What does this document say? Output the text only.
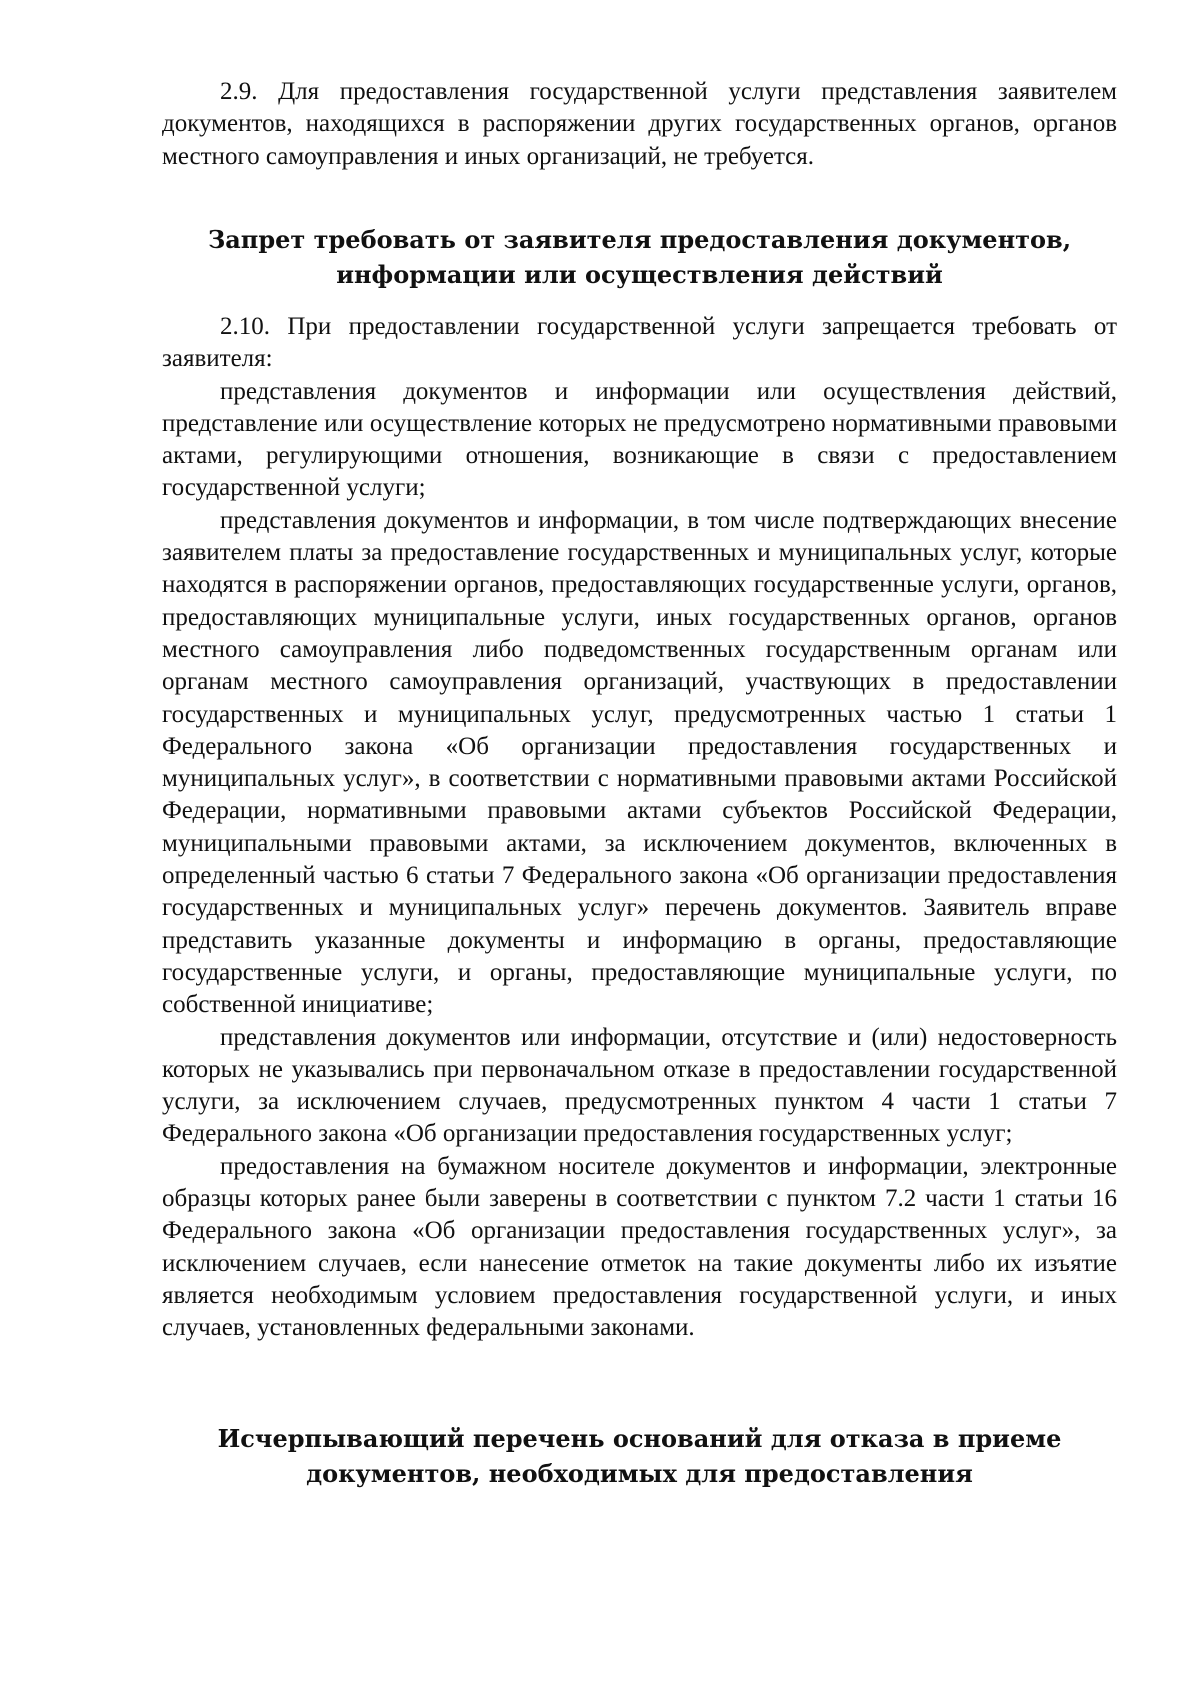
2.9. Для предоставления государственной услуги представления заявителем документов, находящихся в распоряжении других государственных органов, органов местного самоуправления и иных организаций, не требуется.

Запрет требовать от заявителя предоставления документов,
информации или осуществления действий

2.10. При предоставлении государственной услуги запрещается требовать от заявителя:

представления документов и информации или осуществления действий, представление или осуществление которых не предусмотрено нормативными правовыми актами, регулирующими отношения, возникающие в связи с предоставлением государственной услуги;

представления документов и информации, в том числе подтверждающих внесение заявителем платы за предоставление государственных и муниципальных услуг, которые находятся в распоряжении органов, предоставляющих государственные услуги, органов, предоставляющих муниципальные услуги, иных государственных органов, органов местного самоуправления либо подведомственных государственным органам или органам местного самоуправления организаций, участвующих в предоставлении государственных и муниципальных услуг, предусмотренных частью 1 статьи 1 Федерального закона «Об организации предоставления государственных и муниципальных услуг», в соответствии с нормативными правовыми актами Российской Федерации, нормативными правовыми актами субъектов Российской Федерации, муниципальными правовыми актами, за исключением документов, включенных в определенный частью 6 статьи 7 Федерального закона «Об организации предоставления государственных и муниципальных услуг» перечень документов. Заявитель вправе представить указанные документы и информацию в органы, предоставляющие государственные услуги, и органы, предоставляющие муниципальные услуги, по собственной инициативе;

представления документов или информации, отсутствие и (или) недостоверность которых не указывались при первоначальном отказе в предоставлении государственной услуги, за исключением случаев, предусмотренных пунктом 4 части 1 статьи 7 Федерального закона «Об организации предоставления государственных услуг;

предоставления на бумажном носителе документов и информации, электронные образцы которых ранее были заверены в соответствии с пунктом 7.2 части 1 статьи 16 Федерального закона «Об организации предоставления государственных услуг», за исключением случаев, если нанесение отметок на такие документы либо их изъятие является необходимым условием предоставления государственной услуги, и иных случаев, установленных федеральными законами.

Исчерпывающий перечень оснований для отказа в приеме
документов, необходимых для предоставления
